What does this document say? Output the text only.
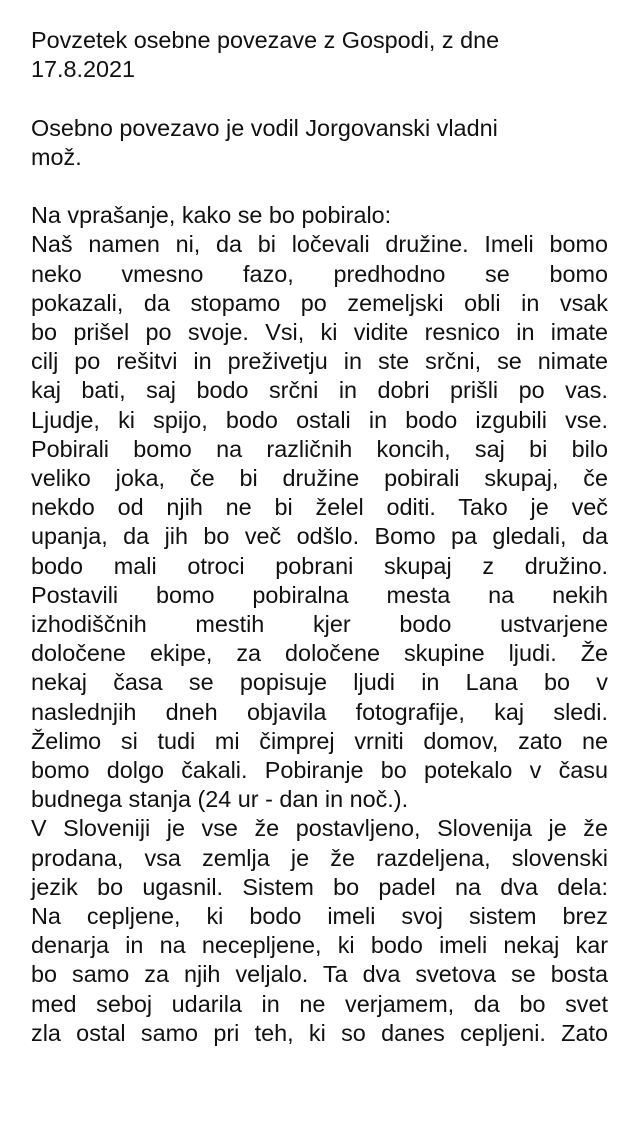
Povzetek osebne povezave z Gospodi, z dne
17.8.2021
Osebno povezavo je vodil Jorgovanski vladni
mož.
Na vprašanje, kako se bo pobiralo:
Naš namen ni, da bi ločevali družine. Imeli bomo
neko vmesno fazo, predhodno se bomo
pokazali, da stopamo po zemeljski obli in vsak
bo prišel po svoje. Vsi, ki vidite resnico in imate
cilj po rešitvi in preživetju in ste srčni, se nimate
kaj bati, saj bodo srčni in dobri prišli po vas.
Ljudje, ki spijo, bodo ostali in bodo izgubili vse.
Pobirali bomo na različnih koncih, saj bi bilo
veliko joka, če bi družine pobirali skupaj, če
nekdo od njih ne bi želel oditi. Tako je več
upanja, da jih bo več odšlo. Bomo pa gledali, da
bodo mali otroci pobrani skupaj z družino.
Postavili bomo pobiralna mesta na nekih
izhodiščnih mestih kjer bodo ustvarjene
določene ekipe, za določene skupine ljudi. Že
nekaj časa se popisuje ljudi in Lana bo v
naslednjih dneh objavila fotografije, kaj sledi.
Želimo si tudi mi čimprej vrniti domov, zato ne
bomo dolgo čakali. Pobiranje bo potekalo v času
budnega stanja (24 ur - dan in noč.).
V Sloveniji je vse že postavljeno, Slovenija je že
prodana, vsa zemlja je že razdeljena, slovenski
jezik bo ugasnil. Sistem bo padel na dva dela:
Na cepljene, ki bodo imeli svoj sistem brez
denarja in na necepljene, ki bodo imeli nekaj kar
bo samo za njih veljalo. Ta dva svetova se bosta
med seboj udarila in ne verjamem, da bo svet
zla ostal samo pri teh, ki so danes cepljeni. Zato
